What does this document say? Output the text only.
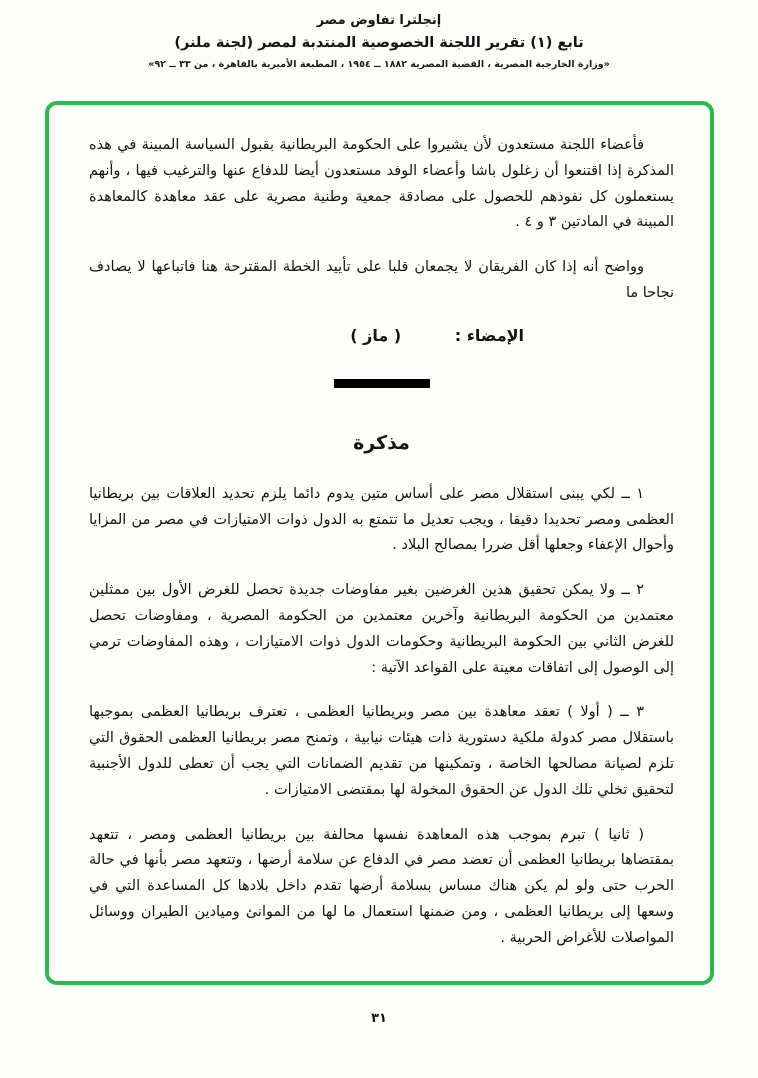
إنجلترا تفاوض مصر
تابع (١) تقرير اللجنة الخصوصية المنتدبة لمصر (لجنة ملنر)
«وزارة الخارجية المصرية ، القضية المصرية ١٨٨٢ ــ ١٩٥٤ ، المطبعة الأميرية بالقاهرة ، من ٣٣ ــ ٩٢»

فأعضاء اللجنة مستعدون لأن يشيروا على الحكومة البريطانية بقبول السياسة المبينة في هذه المذكرة إذا اقتنعوا أن زغلول باشا وأعضاء الوفد مستعدون أيضا للدفاع عنها والترغيب فيها ، وأنهم يستعملون كل نفوذهم للحصول على مصادقة جمعية وطنية مصرية على عقد معاهدة كالمعاهدة المبينة في المادتين ٣ و ٤ .

وواضح أنه إذا كان الفريقان لا يجمعان قلبا على تأييد الخطة المقترحة هنا فاتباعها لا يصادف نجاحا ما

الإمضاء : ( ماز )

مذكرة

١ ــ لكي يبنى استقلال مصر على أساس متين يدوم دائما يلزم تحديد العلاقات بين بريطانيا العظمى ومصر تحديدا دقيقا ، ويجب تعديل ما تتمتع به الدول ذوات الامتيازات في مصر من المزايا وأحوال الإعفاء وجعلها أقل ضررا بمصالح البلاد .

٢ ــ ولا يمكن تحقيق هذين الغرضين بغير مفاوضات جديدة تحصل للغرض الأول بين ممثلين معتمدين من الحكومة البريطانية وآخرين معتمدين من الحكومة المصرية ، ومفاوضات تحصل للغرض الثاني بين الحكومة البريطانية وحكومات الدول ذوات الامتيازات ، وهذه المفاوضات ترمي إلى الوصول إلى اتفاقات معينة على القواعد الآتية :

٣ ــ ( أولا ) تعقد معاهدة بين مصر وبريطانيا العظمى ، تعترف بريطانيا العظمى بموجبها باستقلال مصر كدولة ملكية دستورية ذات هيئات نيابية ، وتمنح مصر بريطانيا العظمى الحقوق التي تلزم لصيانة مصالحها الخاصة ، وتمكينها من تقديم الضمانات التي يجب أن تعطى للدول الأجنبية لتحقيق تخلي تلك الدول عن الحقوق المخولة لها بمقتضى الامتيازات .

( ثانيا ) تبرم بموجب هذه المعاهدة نفسها محالفة بين بريطانيا العظمى ومصر ، تتعهد بمقتضاها بريطانيا العظمى أن تعضد مصر في الدفاع عن سلامة أرضها ، وتتعهد مصر بأنها في حالة الحرب حتى ولو لم يكن هناك مساس بسلامة أرضها تقدم داخل بلادها كل المساعدة التي في وسعها إلى بريطانيا العظمى ، ومن ضمنها استعمال ما لها من الموانئ وميادين الطيران ووسائل المواصلات للأغراض الحربية .

٣١
